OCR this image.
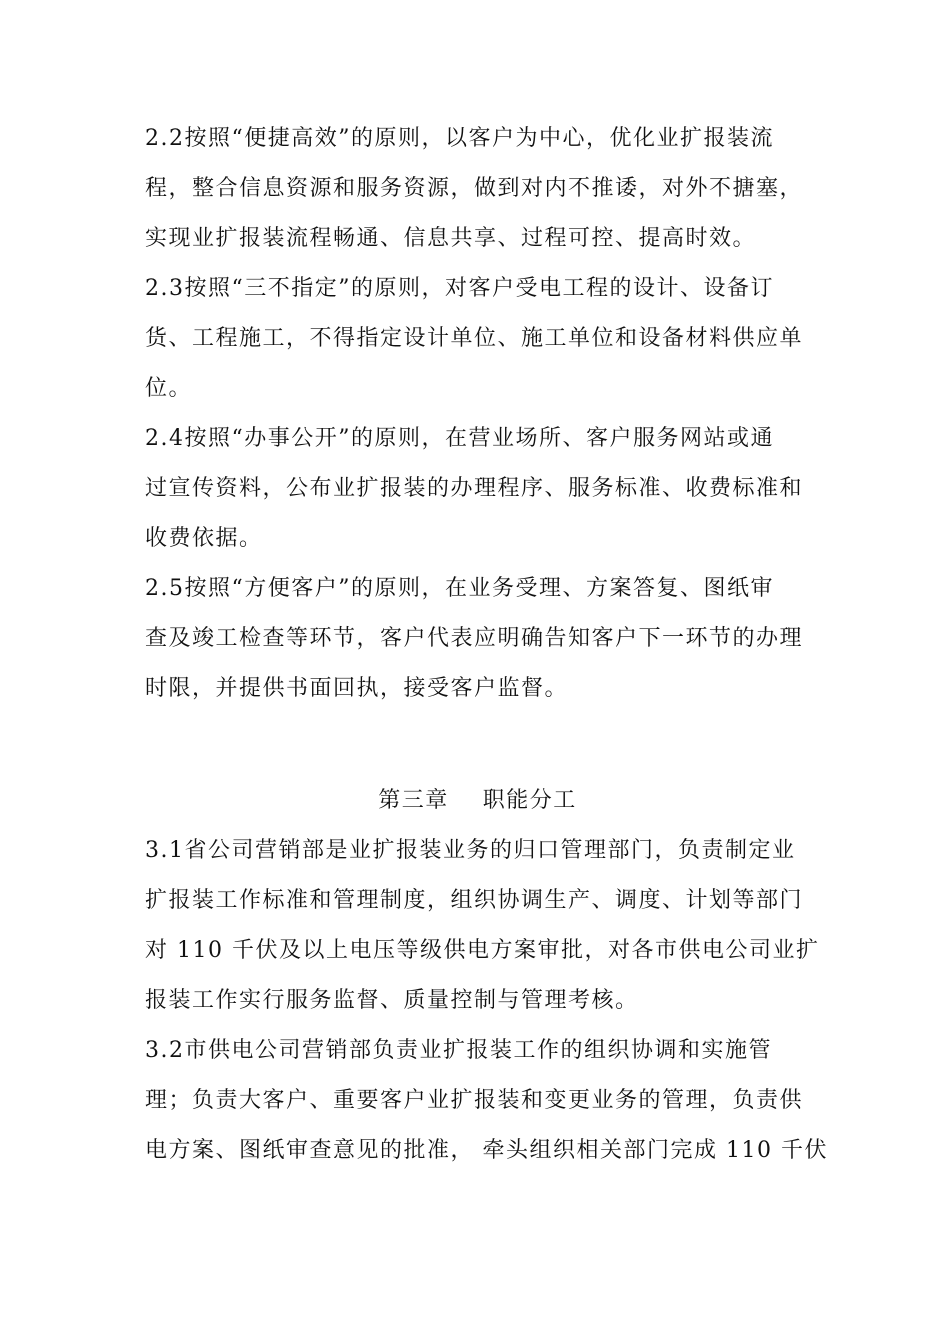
2.2按照“便捷高效”的原则，以客户为中心，优化业扩报装流
程，整合信息资源和服务资源，做到对内不推诿，对外不搪塞，
实现业扩报装流程畅通、信息共享、过程可控、提高时效。
2.3按照“三不指定”的原则，对客户受电工程的设计、设备订
货、工程施工，不得指定设计单位、施工单位和设备材料供应单
位。
2.4按照“办事公开”的原则，在营业场所、客户服务网站或通
过宣传资料，公布业扩报装的办理程序、服务标准、收费标准和
收费依据。
2.5按照“方便客户”的原则，在业务受理、方案答复、图纸审
查及竣工检查等环节，客户代表应明确告知客户下一环节的办理
时限，并提供书面回执，接受客户监督。
第三章    职能分工
3.1省公司营销部是业扩报装业务的归口管理部门，负责制定业
扩报装工作标准和管理制度，组织协调生产、调度、计划等部门
对 110 千伏及以上电压等级供电方案审批，对各市供电公司业扩
报装工作实行服务监督、质量控制与管理考核。
3.2市供电公司营销部负责业扩报装工作的组织协调和实施管
理；负责大客户、重要客户业扩报装和变更业务的管理，负责供
电方案、图纸审查意见的批准， 牵头组织相关部门完成 110 千伏
